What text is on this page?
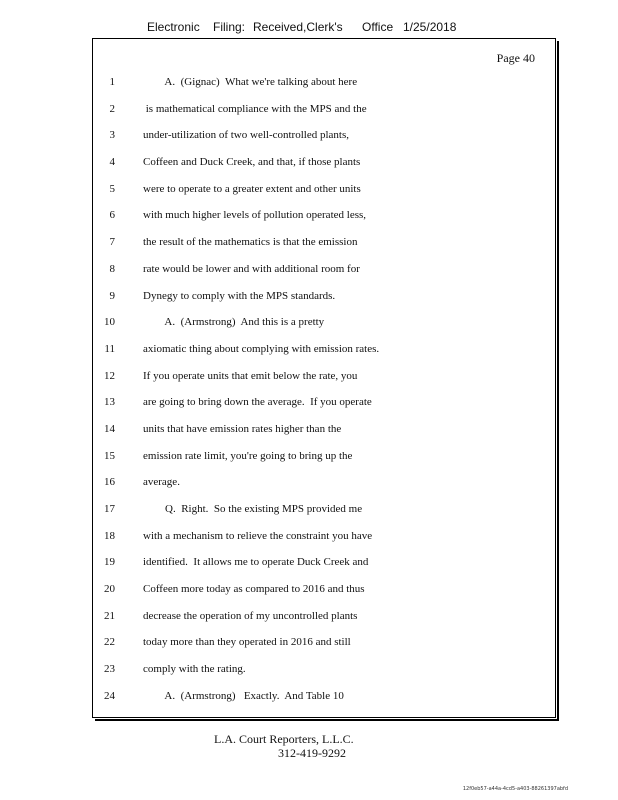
Electronic Filing: Received,Clerk's Office 1/25/2018
Page 40
1	A.  (Gignac)  What we're talking about here
2	is mathematical compliance with the MPS and the
3	under-utilization of two well-controlled plants,
4	Coffeen and Duck Creek, and that, if those plants
5	were to operate to a greater extent and other units
6	with much higher levels of pollution operated less,
7	the result of the mathematics is that the emission
8	rate would be lower and with additional room for
9	Dynegy to comply with the MPS standards.
10	A.  (Armstrong)  And this is a pretty
11	axiomatic thing about complying with emission rates.
12	If you operate units that emit below the rate, you
13	are going to bring down the average.  If you operate
14	units that have emission rates higher than the
15	emission rate limit, you're going to bring up the
16	average.
17	Q.  Right.  So the existing MPS provided me
18	with a mechanism to relieve the constraint you have
19	identified.  It allows me to operate Duck Creek and
20	Coffeen more today as compared to 2016 and thus
21	decrease the operation of my uncontrolled plants
22	today more than they operated in 2016 and still
23	comply with the rating.
24	A.  (Armstrong)   Exactly.  And Table 10
L.A. Court Reporters, L.L.C.
312-419-9292
12f0eb57-a44a-4cd5-a403-88261397abfd
